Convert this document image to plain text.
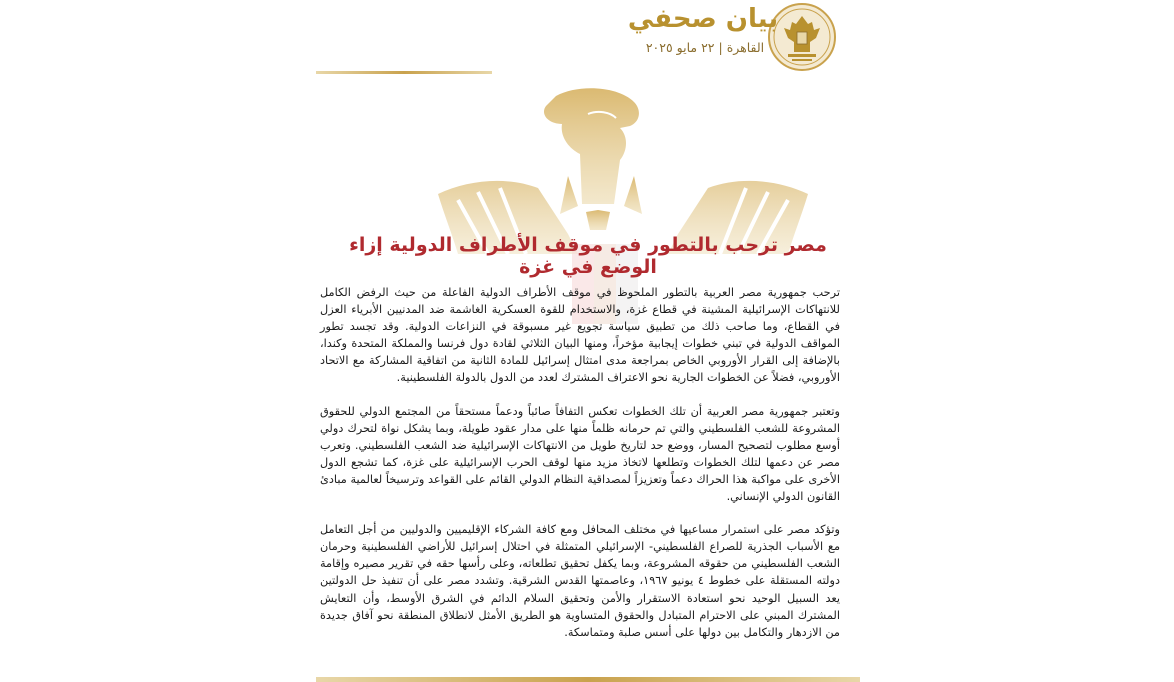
بيان صحفي
القاهرة | ٢٢ مايو ٢٠٢٥
مصر ترحب بالتطور في موقف الأطراف الدولية إزاء الوضع في غزة

ترحب جمهورية مصر العربية بالتطور الملحوظ في موقف الأطراف الدولية الفاعلة من حيث الرفض الكامل للانتهاكات الإسرائيلية المشينة في قطاع غزة، والاستخدام للقوة العسكرية الغاشمة ضد المدنيين الأبرياء العزل في القطاع، وما صاحب ذلك من تطبيق سياسة تجويع غير مسبوقة في النزاعات الدولية. وقد تجسد تطور المواقف الدولية في تبني خطوات إيجابية مؤخراً، ومنها البيان الثلاثي لقادة دول فرنسا والمملكة المتحدة وكندا، بالإضافة إلى القرار الأوروبي الخاص بمراجعة مدى امتثال إسرائيل للمادة الثانية من اتفاقية المشاركة مع الاتحاد الأوروبي، فضلاً عن الخطوات الجارية نحو الاعتراف المشترك لعدد من الدول بالدولة الفلسطينية.

وتعتبر جمهورية مصر العربية أن تلك الخطوات تعكس التفافاً صائباً ودعماً مستحقاً من المجتمع الدولي للحقوق المشروعة للشعب الفلسطيني والتي تم حرمانه ظلماً منها على مدار عقود طويلة، وبما يشكل نواة لتحرك دولي أوسع مطلوب لتصحيح المسار، ووضع حد لتاريخ طويل من الانتهاكات الإسرائيلية ضد الشعب الفلسطيني. وتعرب مصر عن دعمها لتلك الخطوات وتطلعها لاتخاذ مزيد منها لوقف الحرب الإسرائيلية على غزة، كما تشجع الدول الأخرى على مواكبة هذا الحراك دعماً وتعزيزاً لمصداقية النظام الدولي القائم على القواعد وترسيخاً لعالمية مبادئ القانون الدولي الإنساني.

وتؤكد مصر على استمرار مساعيها في مختلف المحافل ومع كافة الشركاء الإقليميين والدوليين من أجل التعامل مع الأسباب الجذرية للصراع الفلسطيني- الإسرائيلي المتمثلة في احتلال إسرائيل للأراضي الفلسطينية وحرمان الشعب الفلسطيني من حقوقه المشروعة، وبما يكفل تحقيق تطلعاته، وعلى رأسها حقه في تقرير مصيره وإقامة دولته المستقلة على خطوط ٤ يونيو ١٩٦٧، وعاصمتها القدس الشرقية. وتشدد مصر على أن تنفيذ حل الدولتين يعد السبيل الوحيد نحو استعادة الاستقرار والأمن وتحقيق السلام الدائم في الشرق الأوسط، وأن التعايش المشترك المبني على الاحترام المتبادل والحقوق المتساوية هو الطريق الأمثل لانطلاق المنطقة نحو آفاق جديدة من الازدهار والتكامل بين دولها على أسس صلبة ومتماسكة.
